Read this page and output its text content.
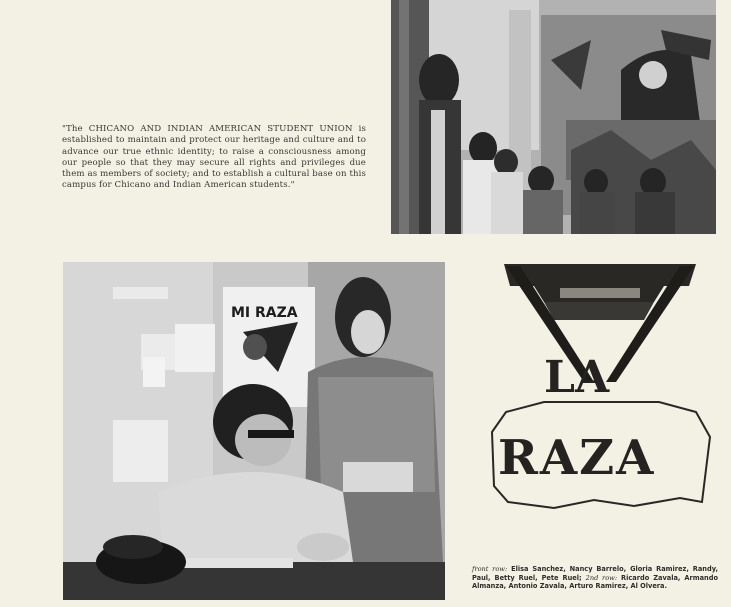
"The CHICANO AND INDIAN AMERICAN STUDENT UNION is established to maintain and protect our heritage and culture and to advance our true ethnic identity; to raise a consciousness among our people so that they may secure all rights and privileges due them as members of society; and to establish a cultural base on this campus for Chicano and Indian American students."
MI RAZA
LA
RAZA
front row: Elisa Sanchez, Nancy Barrelo, Gloria Ramirez, Randy, Paul, Betty Ruel, Pete Ruel; 2nd row: Ricardo Zavala, Armando Almanza, Antonio Zavala, Arturo Ramirez, Al Olvera.
